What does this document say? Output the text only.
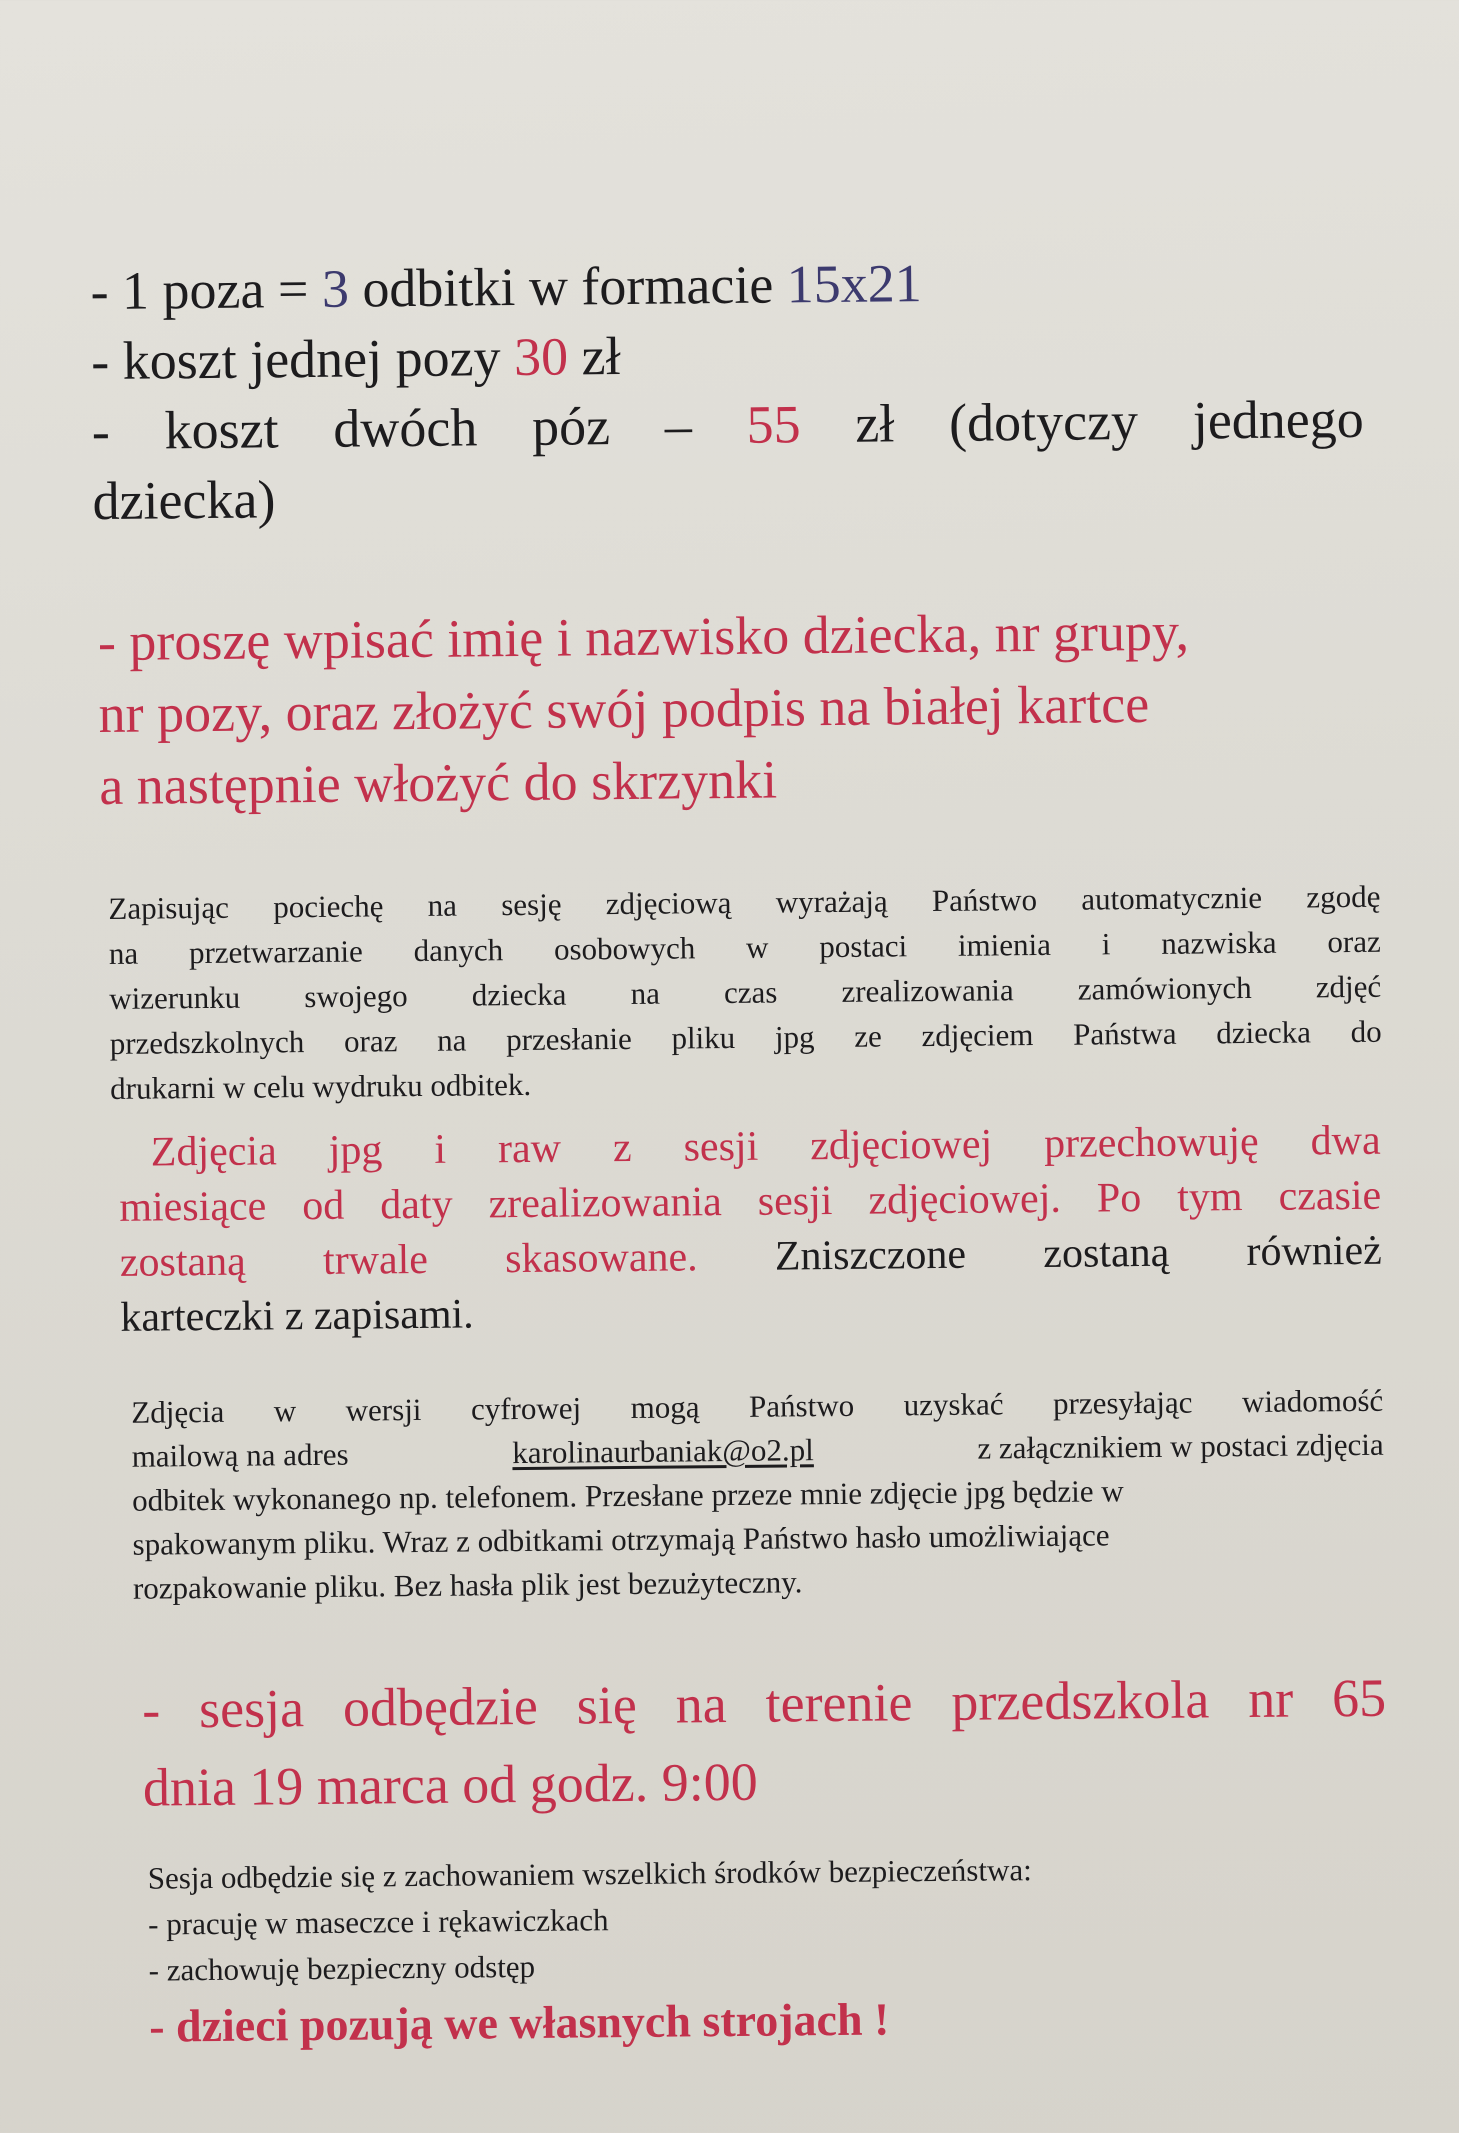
- 1 poza = 3 odbitki w formacie 15x21
- koszt jednej pozy 30 zł
- koszt dwóch póz – 55 zł (dotyczy jednego
dziecka)
- proszę wpisać imię i nazwisko dziecka, nr grupy,
nr pozy, oraz złożyć swój podpis na białej kartce
a następnie włożyć do skrzynki
Zapisując pociechę na sesję zdjęciową wyrażają Państwo automatycznie zgodę
na przetwarzanie danych osobowych w postaci imienia i nazwiska oraz
wizerunku swojego dziecka na czas zrealizowania zamówionych zdjęć
przedszkolnych oraz na przesłanie pliku jpg ze zdjęciem Państwa dziecka do
drukarni w celu wydruku odbitek.
Zdjęcia jpg i raw z sesji zdjęciowej przechowuję dwa
miesiące od daty zrealizowania sesji zdjęciowej. Po tym czasie
zostaną trwale skasowane. Zniszczone zostaną również
karteczki z zapisami.
Zdjęcia w wersji cyfrowej mogą Państwo uzyskać przesyłając wiadomość
mailową na adres	karolinaurbaniak@o2.pl	z załącznikiem w postaci zdjęcia
odbitek wykonanego np. telefonem. Przesłane przeze mnie zdjęcie jpg będzie w
spakowanym pliku. Wraz z odbitkami otrzymają Państwo hasło umożliwiające
rozpakowanie pliku. Bez hasła plik jest bezużyteczny.
- sesja odbędzie się na terenie przedszkola nr 65
dnia 19 marca od godz. 9:00
Sesja odbędzie się z zachowaniem wszelkich środków bezpieczeństwa:
- pracuję w maseczce i rękawiczkach
- zachowuję bezpieczny odstęp
- dzieci pozują we własnych strojach !
